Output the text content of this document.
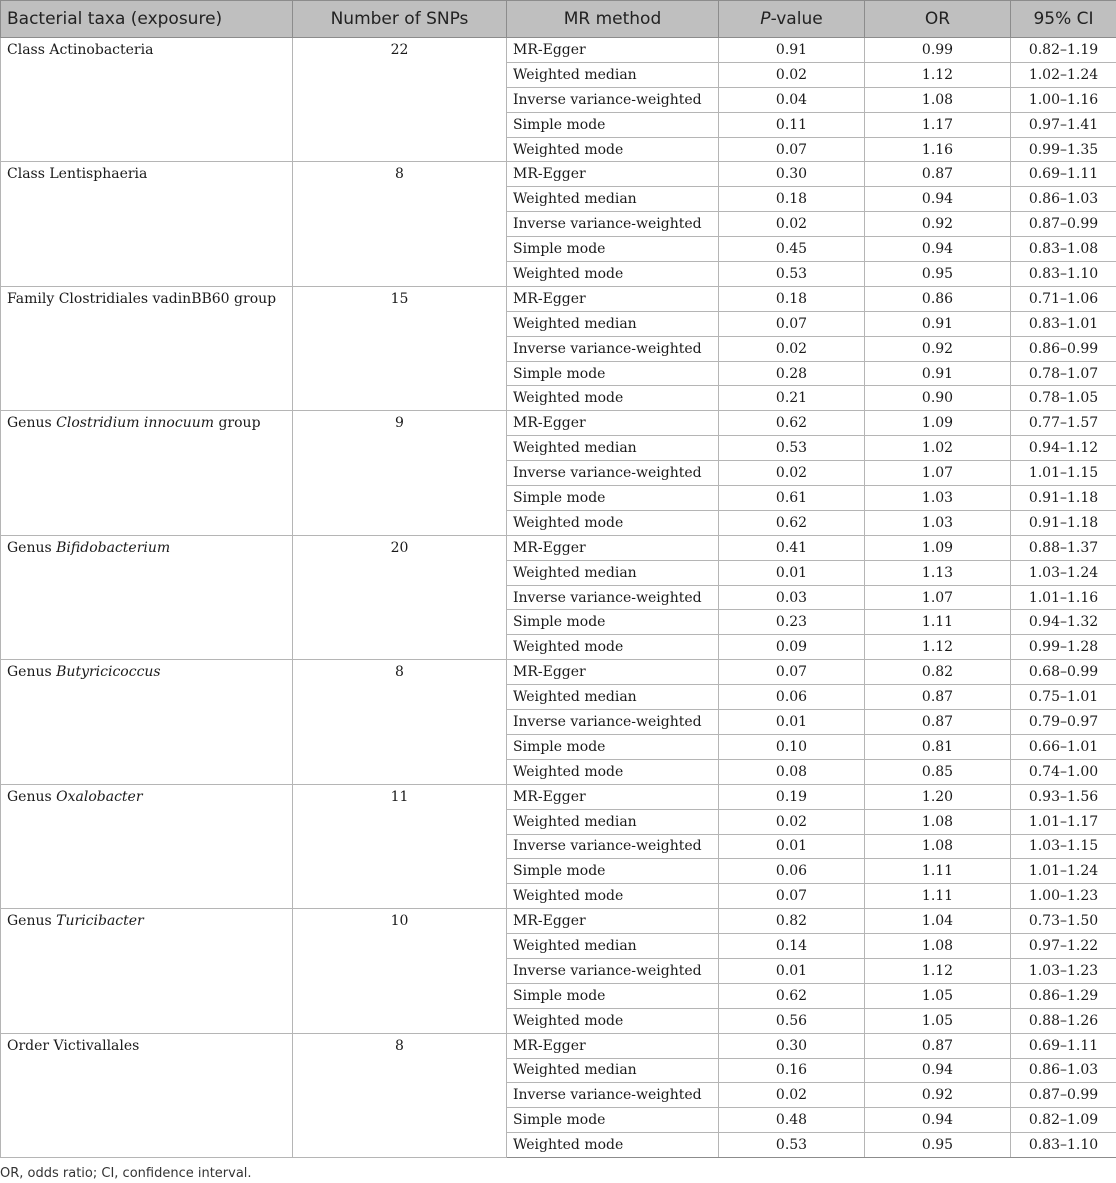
Bacterial taxa (exposure)	Number of SNPs	MR method	P-value	OR	95% CI
Class Actinobacteria	22	MR-Egger	0.91	0.99	0.82–1.19
		Weighted median	0.02	1.12	1.02–1.24
		Inverse variance-weighted	0.04	1.08	1.00–1.16
		Simple mode	0.11	1.17	0.97–1.41
		Weighted mode	0.07	1.16	0.99–1.35
Class Lentisphaeria	8	MR-Egger	0.30	0.87	0.69–1.11
		Weighted median	0.18	0.94	0.86–1.03
		Inverse variance-weighted	0.02	0.92	0.87–0.99
		Simple mode	0.45	0.94	0.83–1.08
		Weighted mode	0.53	0.95	0.83–1.10
Family Clostridiales vadinBB60 group	15	MR-Egger	0.18	0.86	0.71–1.06
		Weighted median	0.07	0.91	0.83–1.01
		Inverse variance-weighted	0.02	0.92	0.86–0.99
		Simple mode	0.28	0.91	0.78–1.07
		Weighted mode	0.21	0.90	0.78–1.05
Genus Clostridium innocuum group	9	MR-Egger	0.62	1.09	0.77–1.57
		Weighted median	0.53	1.02	0.94–1.12
		Inverse variance-weighted	0.02	1.07	1.01–1.15
		Simple mode	0.61	1.03	0.91–1.18
		Weighted mode	0.62	1.03	0.91–1.18
Genus Bifidobacterium	20	MR-Egger	0.41	1.09	0.88–1.37
		Weighted median	0.01	1.13	1.03–1.24
		Inverse variance-weighted	0.03	1.07	1.01–1.16
		Simple mode	0.23	1.11	0.94–1.32
		Weighted mode	0.09	1.12	0.99–1.28
Genus Butyricicoccus	8	MR-Egger	0.07	0.82	0.68–0.99
		Weighted median	0.06	0.87	0.75–1.01
		Inverse variance-weighted	0.01	0.87	0.79–0.97
		Simple mode	0.10	0.81	0.66–1.01
		Weighted mode	0.08	0.85	0.74–1.00
Genus Oxalobacter	11	MR-Egger	0.19	1.20	0.93–1.56
		Weighted median	0.02	1.08	1.01–1.17
		Inverse variance-weighted	0.01	1.08	1.03–1.15
		Simple mode	0.06	1.11	1.01–1.24
		Weighted mode	0.07	1.11	1.00–1.23
Genus Turicibacter	10	MR-Egger	0.82	1.04	0.73–1.50
		Weighted median	0.14	1.08	0.97–1.22
		Inverse variance-weighted	0.01	1.12	1.03–1.23
		Simple mode	0.62	1.05	0.86–1.29
		Weighted mode	0.56	1.05	0.88–1.26
Order Victivallales	8	MR-Egger	0.30	0.87	0.69–1.11
		Weighted median	0.16	0.94	0.86–1.03
		Inverse variance-weighted	0.02	0.92	0.87–0.99
		Simple mode	0.48	0.94	0.82–1.09
		Weighted mode	0.53	0.95	0.83–1.10
OR, odds ratio; CI, confidence interval.
